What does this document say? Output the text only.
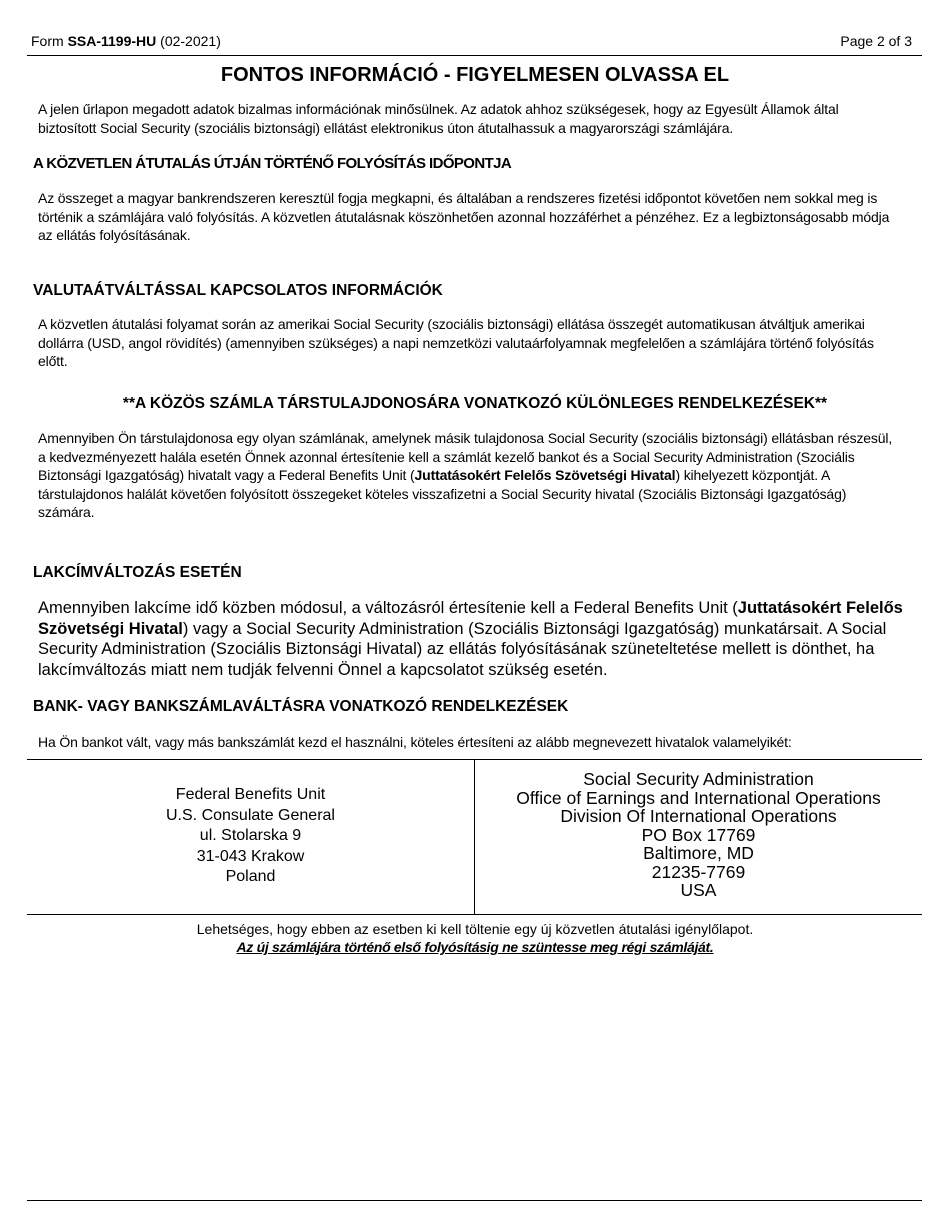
Form SSA-1199-HU (02-2021)	Page 2 of 3
FONTOS INFORMÁCIÓ - FIGYELMESEN OLVASSA EL
A jelen űrlapon megadott adatok bizalmas információnak minősülnek. Az adatok ahhoz szükségesek, hogy az Egyesült Államok által biztosított Social Security (szociális biztonsági) ellátást elektronikus úton átutalhassuk a magyarországi számlájára.
A KÖZVETLEN ÁTUTALÁS ÚTJÁN TÖRTÉNŐ FOLYÓSÍTÁS IDŐPONTJA
Az összeget a magyar bankrendszeren keresztül fogja megkapni, és általában a rendszeres fizetési időpontot követően nem sokkal meg is történik a számlájára való folyósítás. A közvetlen átutalásnak köszönhetően azonnal hozzáférhet a pénzéhez. Ez a legbiztonságosabb módja az ellátás folyósításának.
VALUTAÁTVÁLTÁSSAL KAPCSOLATOS INFORMÁCIÓK
A közvetlen átutalási folyamat során az amerikai Social Security (szociális biztonsági) ellátása összegét automatikusan átváltjuk amerikai dollárra (USD, angol rövidítés) (amennyiben szükséges) a napi nemzetközi valutaárfolyamnak megfelelően a számlájára történő folyósítás előtt.
**A KÖZÖS SZÁMLA TÁRSTULAJDONOSÁRA VONATKOZÓ KÜLÖNLEGES RENDELKEZÉSEK**
Amennyiben Ön társtulajdonosa egy olyan számlának, amelynek másik tulajdonosa Social Security (szociális biztonsági) ellátásban részesül, a kedvezményezett halála esetén Önnek azonnal értesítenie kell a számlát kezelő bankot és a Social Security Administration (Szociális Biztonsági Igazgatóság) hivatalt vagy a Federal Benefits Unit (Juttatásokért Felelős Szövetségi Hivatal) kihelyezett központját. A társtulajdonos halálát követően folyósított összegeket köteles visszafizetni a Social Security hivatal (Szociális Biztonsági Igazgatóság) számára.
LAKCÍMVÁLTOZÁS ESETÉN
Amennyiben lakcíme idő közben módosul, a változásról értesítenie kell a Federal Benefits Unit (Juttatásokért Felelős Szövetségi Hivatal) vagy a Social Security Administration (Szociális Biztonsági Igazgatóság) munkatársait. A Social Security Administration (Szociális Biztonsági Hivatal) az ellátás folyósításának szüneteltetése mellett is dönthet, ha lakcímváltozás miatt nem tudják felvenni Önnel a kapcsolatot szükség esetén.
BANK- VAGY BANKSZÁMLAVÁLTÁSRA VONATKOZÓ RENDELKEZÉSEK
Ha Ön bankot vált, vagy más bankszámlát kezd el használni, köteles értesíteni az alább megnevezett hivatalok valamelyikét:
Federal Benefits Unit
U.S. Consulate General
ul. Stolarska 9
31-043 Krakow
Poland
Social Security Administration
Office of Earnings and International Operations
Division Of International Operations
PO Box 17769
Baltimore, MD
21235-7769
USA
Lehetséges, hogy ebben az esetben ki kell töltenie egy új közvetlen átutalási igénylőlapot.
Az új számlájára történő első folyósításig ne szüntesse meg régi számláját.
